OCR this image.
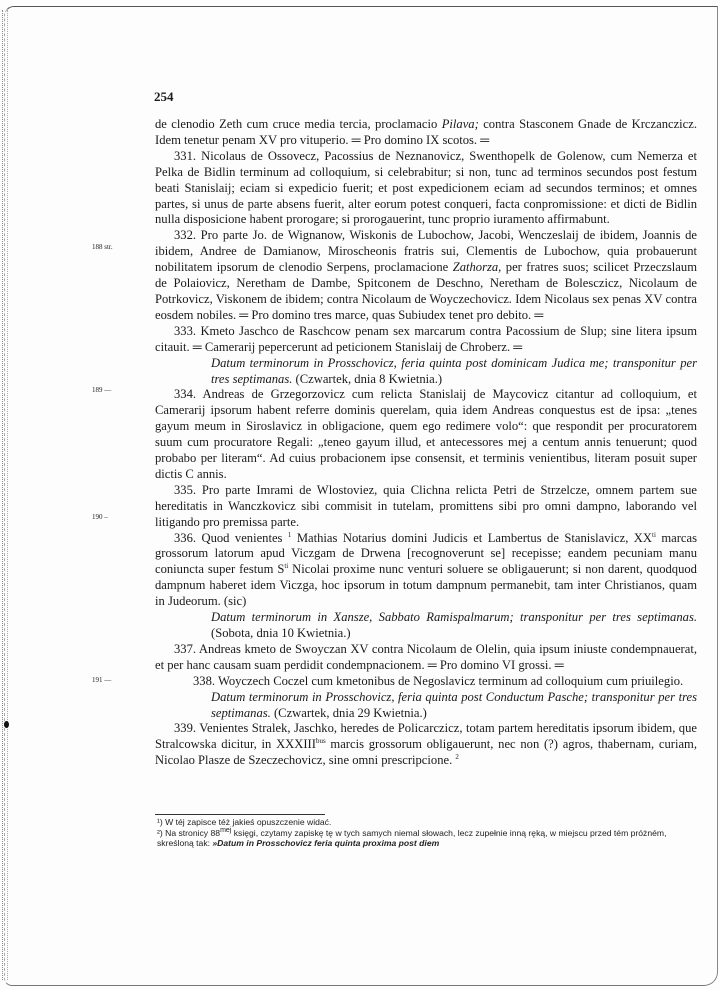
254
188 str.
189 —
190 –
191 —

de clenodio Zeth cum cruce media tercia, proclamacio Pilava; contra Stasconem Gnade de Krczanczicz. Idem tenetur penam XV pro vituperio. ═ Pro domino IX scotos. ═

331. Nicolaus de Ossovecz, Pacossius de Neznanovicz, Swenthopelk de Golenow, cum Nemerza et Pelka de Bidlin terminum ad colloquium, si celebrabitur; si non, tunc ad terminos secundos post festum beati Stanislaij; eciam si expedicio fuerit; et post expedicionem eciam ad secundos terminos; et omnes partes, si unus de parte absens fuerit, alter eorum potest conqueri, facta conpromissione: et dicti de Bidlin nulla disposicione habent prorogare; si prorogauerint, tunc proprio iuramento affirmabunt.

332. Pro parte Jo. de Wignanow, Wiskonis de Lubochow, Jacobi, Wenczeslaij de ibidem, Joannis de ibidem, Andree de Damianow, Miroscheonis fratris sui, Clementis de Lubochow, quia probauerunt nobilitatem ipsorum de clenodio Serpens, proclamacione Zathorza, per fratres suos; scilicet Przeczslaum de Polaiovicz, Neretham de Dambe, Spitconem de Deschno, Neretham de Bolesczicz, Nicolaum de Potrkovicz, Viskonem de ibidem; contra Nicolaum de Woyczechovicz. Idem Nicolaus sex penas XV contra eosdem nobiles. ═ Pro domino tres marce, quas Subiudex tenet pro debito. ═

333. Kmeto Jaschco de Raschcow penam sex marcarum contra Pacossium de Slup; sine litera ipsum citauit. ═ Camerarij pepercerunt ad peticionem Stanislaij de Chroberz. ═

Datum terminorum in Prosschovicz, feria quinta post dominicam Judica me; transponitur per tres septimanas. (Czwartek, dnia 8 Kwietnia.)

334. Andreas de Grzegorzovicz cum relicta Stanislaij de Maycovicz citantur ad colloquium, et Camerarij ipsorum habent referre dominis querelam, quia idem Andreas conquestus est de ipsa: „tenes gayum meum in Siroslavicz in obligacione, quem ego redimere volo“: que respondit per procuratorem suum cum procuratore Regali: „teneo gayum illud, et antecessores mej a centum annis tenuerunt; quod probabo per literam“. Ad cuius probacionem ipse consensit, et terminis venientibus, literam posuit super dictis C annis.

335. Pro parte Imrami de Wlostoviez, quia Clichna relicta Petri de Strzelcze, omnem partem sue hereditatis in Wanczkovicz sibi commisit in tutelam, promittens sibi pro omni dampno, laborando vel litigando pro premissa parte.

336. Quod venientes $^1$ Mathias Notarius domini Judicis et Lambertus de Stanislavicz, $XX^{ti}$ marcas grossorum latorum apud Viczgam de Drwena [recognoverunt se] recepisse; eandem pecuniam manu coniuncta super festum $S^{ti}$ Nicolai proxime nunc venturi soluere se obligauerunt; si non darent, quodquod dampnum haberet idem Viczga, hoc ipsorum in totum dampnum permanebit, tam inter Christianos, quam in Judeorum. (sic)

Datum terminorum in Xansze, Sabbato Ramispalmarum; transponitur per tres septimanas. (Sobota, dnia 10 Kwietnia.)

337. Andreas kmeto de Swoyczan XV contra Nicolaum de Olelin, quia ipsum iniuste condempnauerat, et per hanc causam suam perdidit condempnacionem. ═ Pro domino VI grossi. ═

338. Woyczech Coczel cum kmetonibus de Negoslavicz terminum ad colloquium cum priuilegio.

Datum terminorum in Prosschovicz, feria quinta post Conductum Pasche; transponitur per tres septimanas. (Czwartek, dnia 29 Kwietnia.)

339. Venientes Stralek, Jaschko, heredes de Policarczicz, totam partem hereditatis ipsorum ibidem, que Stralcowska dicitur, in $XXXIII^{bus}$ marcis grossorum obligauerunt, nec non (?) agros, thabernam, curiam, Nicolao Plasze de Szeczechovicz, sine omni prescripcione. $^2$

¹) W téj zapisce téż jakieś opuszczenie widać.

²) Na stronicy $88^{mej}$ księgi, czytamy zapiskę tę w tych samych niemal słowach, lecz zupełnie inną ręką, w miejscu przed tém próżném, skreśloną tak: »Datum in Prosschovicz feria quinta proxima post diem
